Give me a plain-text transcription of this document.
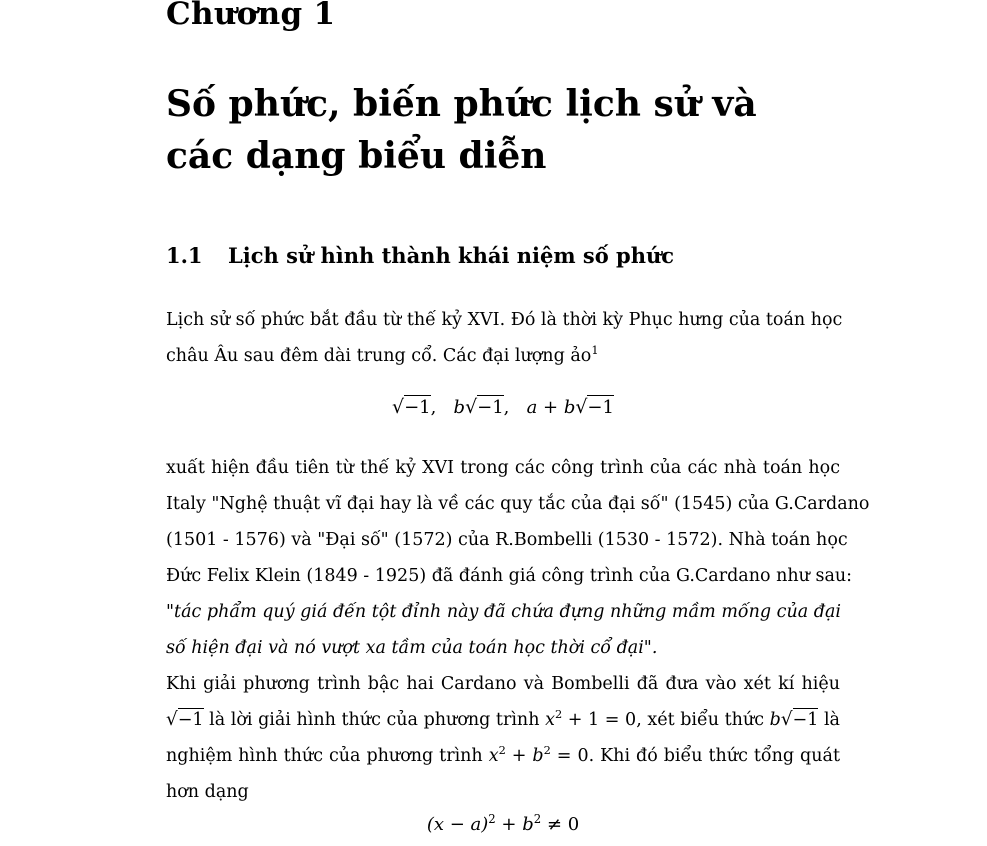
Chương 1
Số phức, biến phức lịch sử và
các dạng biểu diễn
1.1 Lịch sử hình thành khái niệm số phức
Lịch sử số phức bắt đầu từ thế kỷ XVI. Đó là thời kỳ Phục hưng của toán học
châu Âu sau đêm dài trung cổ. Các đại lượng ảo$^1$
√−1, b√−1, a + b√−1
xuất hiện đầu tiên từ thế kỷ XVI trong các công trình của các nhà toán học
Italy "Nghệ thuật vĩ đại hay là về các quy tắc của đại số" (1545) của G.Cardano
(1501 - 1576) và "Đại số" (1572) của R.Bombelli (1530 - 1572). Nhà toán học
Đức Felix Klein (1849 - 1925) đã đánh giá công trình của G.Cardano như sau:
"tác phẩm quý giá đến tột đỉnh này đã chứa đựng những mầm mống của đại
số hiện đại và nó vượt xa tầm của toán học thời cổ đại".
Khi giải phương trình bậc hai Cardano và Bombelli đã đưa vào xét kí hiệu
√−1 là lời giải hình thức của phương trình $x^2 + 1 = 0$, xét biểu thức b√−1 là
nghiệm hình thức của phương trình $x^2 + b^2 = 0$. Khi đó biểu thức tổng quát
hơn dạng
$(x - a)^2 + b^2 \ne 0$
